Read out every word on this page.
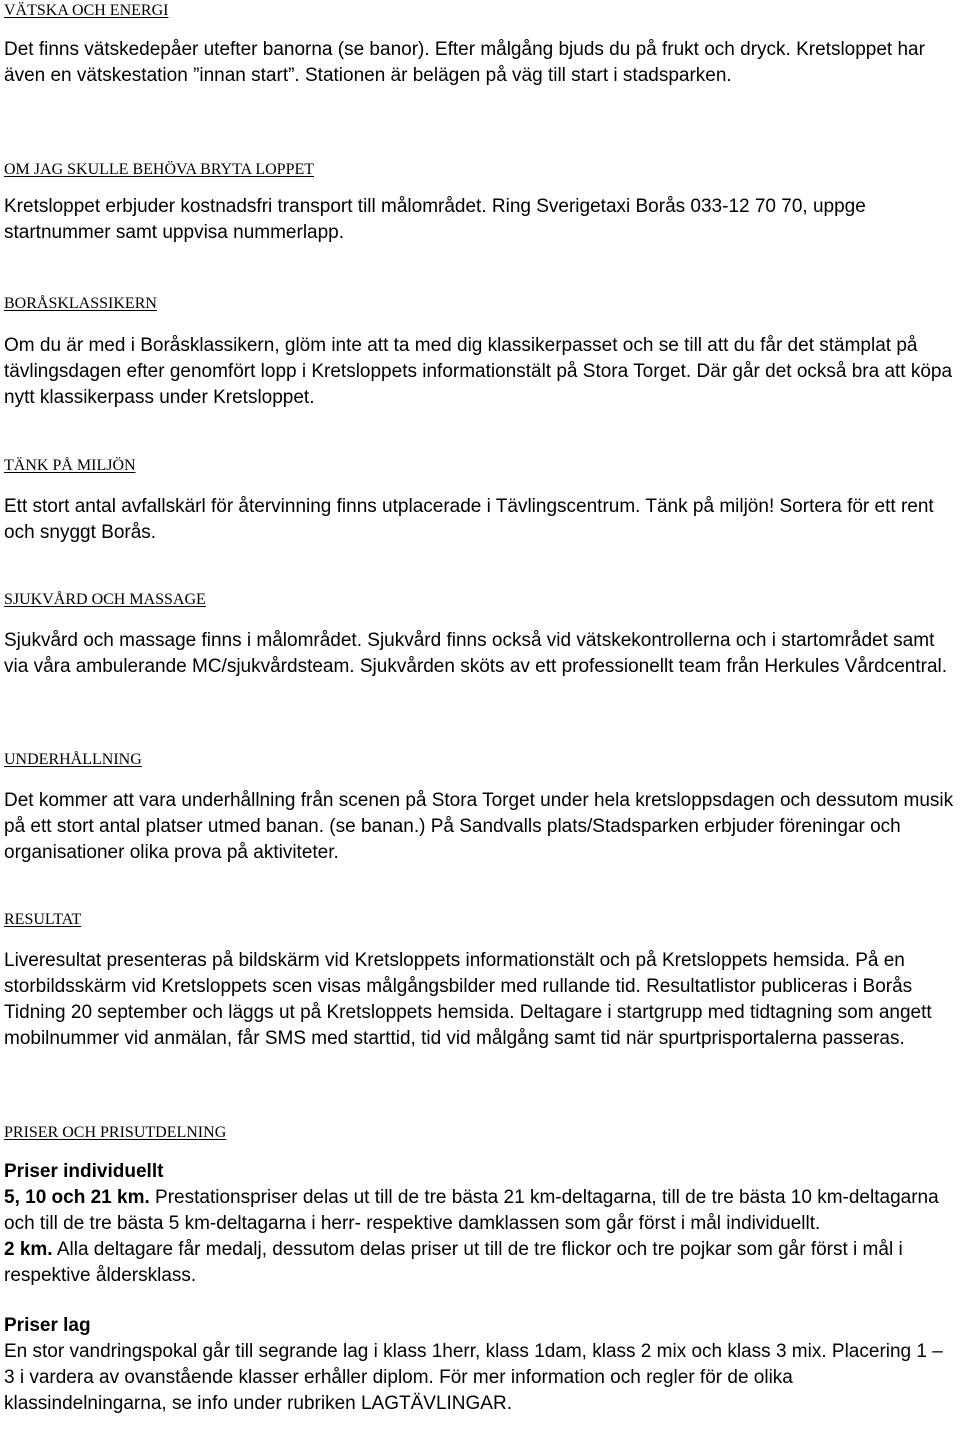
VÄTSKA OCH ENERGI

Det finns vätskedepåer utefter banorna (se banor). Efter målgång bjuds du på frukt och dryck. Kretsloppet har även en vätskestation ”innan start”. Stationen är belägen på väg till start i stadsparken.

OM JAG SKULLE BEHÖVA BRYTA LOPPET

Kretsloppet erbjuder kostnadsfri transport till målområdet. Ring Sverigetaxi Borås 033-12 70 70, uppge startnummer samt uppvisa nummerlapp.

BORÅSKLASSIKERN

Om du är med i Boråsklassikern, glöm inte att ta med dig klassikerpasset och se till att du får det stämplat på tävlingsdagen efter genomfört lopp i Kretsloppets informationstält på Stora Torget. Där går det också bra att köpa nytt klassikerpass under Kretsloppet.

TÄNK PÅ MILJÖN

Ett stort antal avfallskärl för återvinning finns utplacerade i Tävlingscentrum. Tänk på miljön! Sortera för ett rent och snyggt Borås.

SJUKVÅRD OCH MASSAGE

Sjukvård och massage finns i målområdet. Sjukvård finns också vid vätskekontrollerna och i startområdet samt via våra ambulerande MC/sjukvårdsteam. Sjukvården sköts av ett professionellt team från Herkules Vårdcentral.

UNDERHÅLLNING

Det kommer att vara underhållning från scenen på Stora Torget under hela kretsloppsdagen och dessutom musik på ett stort antal platser utmed banan. (se banan.) På Sandvalls plats/Stadsparken erbjuder föreningar och organisationer olika prova på aktiviteter.

RESULTAT

Liveresultat presenteras på bildskärm vid Kretsloppets informationstält och på Kretsloppets hemsida. På en storbildsskärm vid Kretsloppets scen visas målgångsbilder med rullande tid. Resultatlistor publiceras i Borås Tidning 20 september och läggs ut på Kretsloppets hemsida. Deltagare i startgrupp med tidtagning som angett mobilnummer vid anmälan, får SMS med starttid, tid vid målgång samt tid när spurtprisportalerna passeras.

PRISER OCH PRISUTDELNING

Priser individuellt

5, 10 och 21 km. Prestationspriser delas ut till de tre bästa 21 km-deltagarna, till de tre bästa 10 km-deltagarna och till de tre bästa 5 km-deltagarna i herr- respektive damklassen som går först i mål individuellt.

2 km. Alla deltagare får medalj, dessutom delas priser ut till de tre flickor och tre pojkar som går först i mål i respektive åldersklass.

Priser lag

En stor vandringspokal går till segrande lag i klass 1herr, klass 1dam, klass 2 mix och klass 3 mix. Placering 1 – 3 i vardera av ovanstående klasser erhåller diplom. För mer information och regler för de olika klassindelningarna, se info under rubriken LAGTÄVLINGAR.
